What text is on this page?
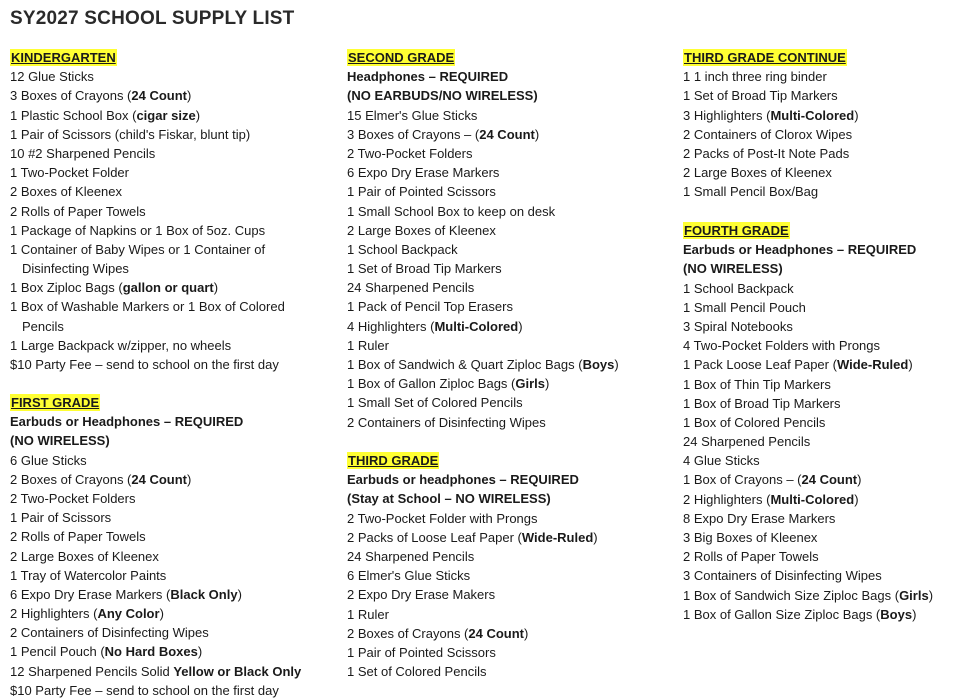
SY2027 SCHOOL SUPPLY LIST
KINDERGARTEN
12 Glue Sticks
3 Boxes of Crayons (24 Count)
1 Plastic School Box (cigar size)
1 Pair of Scissors (child's Fiskar, blunt tip)
10 #2 Sharpened Pencils
1 Two-Pocket Folder
2 Boxes of Kleenex
2 Rolls of Paper Towels
1 Package of Napkins or 1 Box of 5oz. Cups
1 Container of Baby Wipes or 1 Container of
Disinfecting Wipes
1 Box Ziploc Bags (gallon or quart)
1 Box of Washable Markers or 1 Box of Colored
Pencils
1 Large Backpack w/zipper, no wheels
$10 Party Fee – send to school on the first day
FIRST GRADE
Earbuds or Headphones – REQUIRED
(NO WIRELESS)
6 Glue Sticks
2 Boxes of Crayons (24 Count)
2 Two-Pocket Folders
1 Pair of Scissors
2 Rolls of Paper Towels
2 Large Boxes of Kleenex
1 Tray of Watercolor Paints
6 Expo Dry Erase Markers (Black Only)
2 Highlighters (Any Color)
2 Containers of Disinfecting Wipes
1 Pencil Pouch (No Hard Boxes)
12 Sharpened Pencils Solid Yellow or Black Only
$10 Party Fee – send to school on the first day
SECOND GRADE
Headphones – REQUIRED
(NO EARBUDS/NO WIRELESS)
15 Elmer's Glue Sticks
3 Boxes of Crayons – (24 Count)
2 Two-Pocket Folders
6 Expo Dry Erase Markers
1 Pair of Pointed Scissors
1 Small School Box to keep on desk
2 Large Boxes of Kleenex
1 School Backpack
1 Set of Broad Tip Markers
24 Sharpened Pencils
1 Pack of Pencil Top Erasers
4 Highlighters (Multi-Colored)
1 Ruler
1 Box of Sandwich & Quart Ziploc Bags (Boys)
1 Box of Gallon Ziploc Bags (Girls)
1 Small Set of Colored Pencils
2 Containers of Disinfecting Wipes
THIRD GRADE
Earbuds or headphones – REQUIRED
(Stay at School – NO WIRELESS)
2 Two-Pocket Folder with Prongs
2 Packs of Loose Leaf Paper (Wide-Ruled)
24 Sharpened Pencils
6 Elmer's Glue Sticks
2 Expo Dry Erase Makers
1 Ruler
2 Boxes of Crayons (24 Count)
1 Pair of Pointed Scissors
1 Set of Colored Pencils
THIRD GRADE CONTINUE
1 1 inch three ring binder
1 Set of Broad Tip Markers
3 Highlighters (Multi-Colored)
2 Containers of Clorox Wipes
2 Packs of Post-It Note Pads
2 Large Boxes of Kleenex
1 Small Pencil Box/Bag
FOURTH GRADE
Earbuds or Headphones – REQUIRED
(NO WIRELESS)
1 School Backpack
1 Small Pencil Pouch
3 Spiral Notebooks
4 Two-Pocket Folders with Prongs
1 Pack Loose Leaf Paper (Wide-Ruled)
1 Box of Thin Tip Markers
1 Box of Broad Tip Markers
1 Box of Colored Pencils
24 Sharpened Pencils
4 Glue Sticks
1 Box of Crayons – (24 Count)
2 Highlighters (Multi-Colored)
8 Expo Dry Erase Markers
3 Big Boxes of Kleenex
2 Rolls of Paper Towels
3 Containers of Disinfecting Wipes
1 Box of Sandwich Size Ziploc Bags (Girls)
1 Box of Gallon Size Ziploc Bags (Boys)
